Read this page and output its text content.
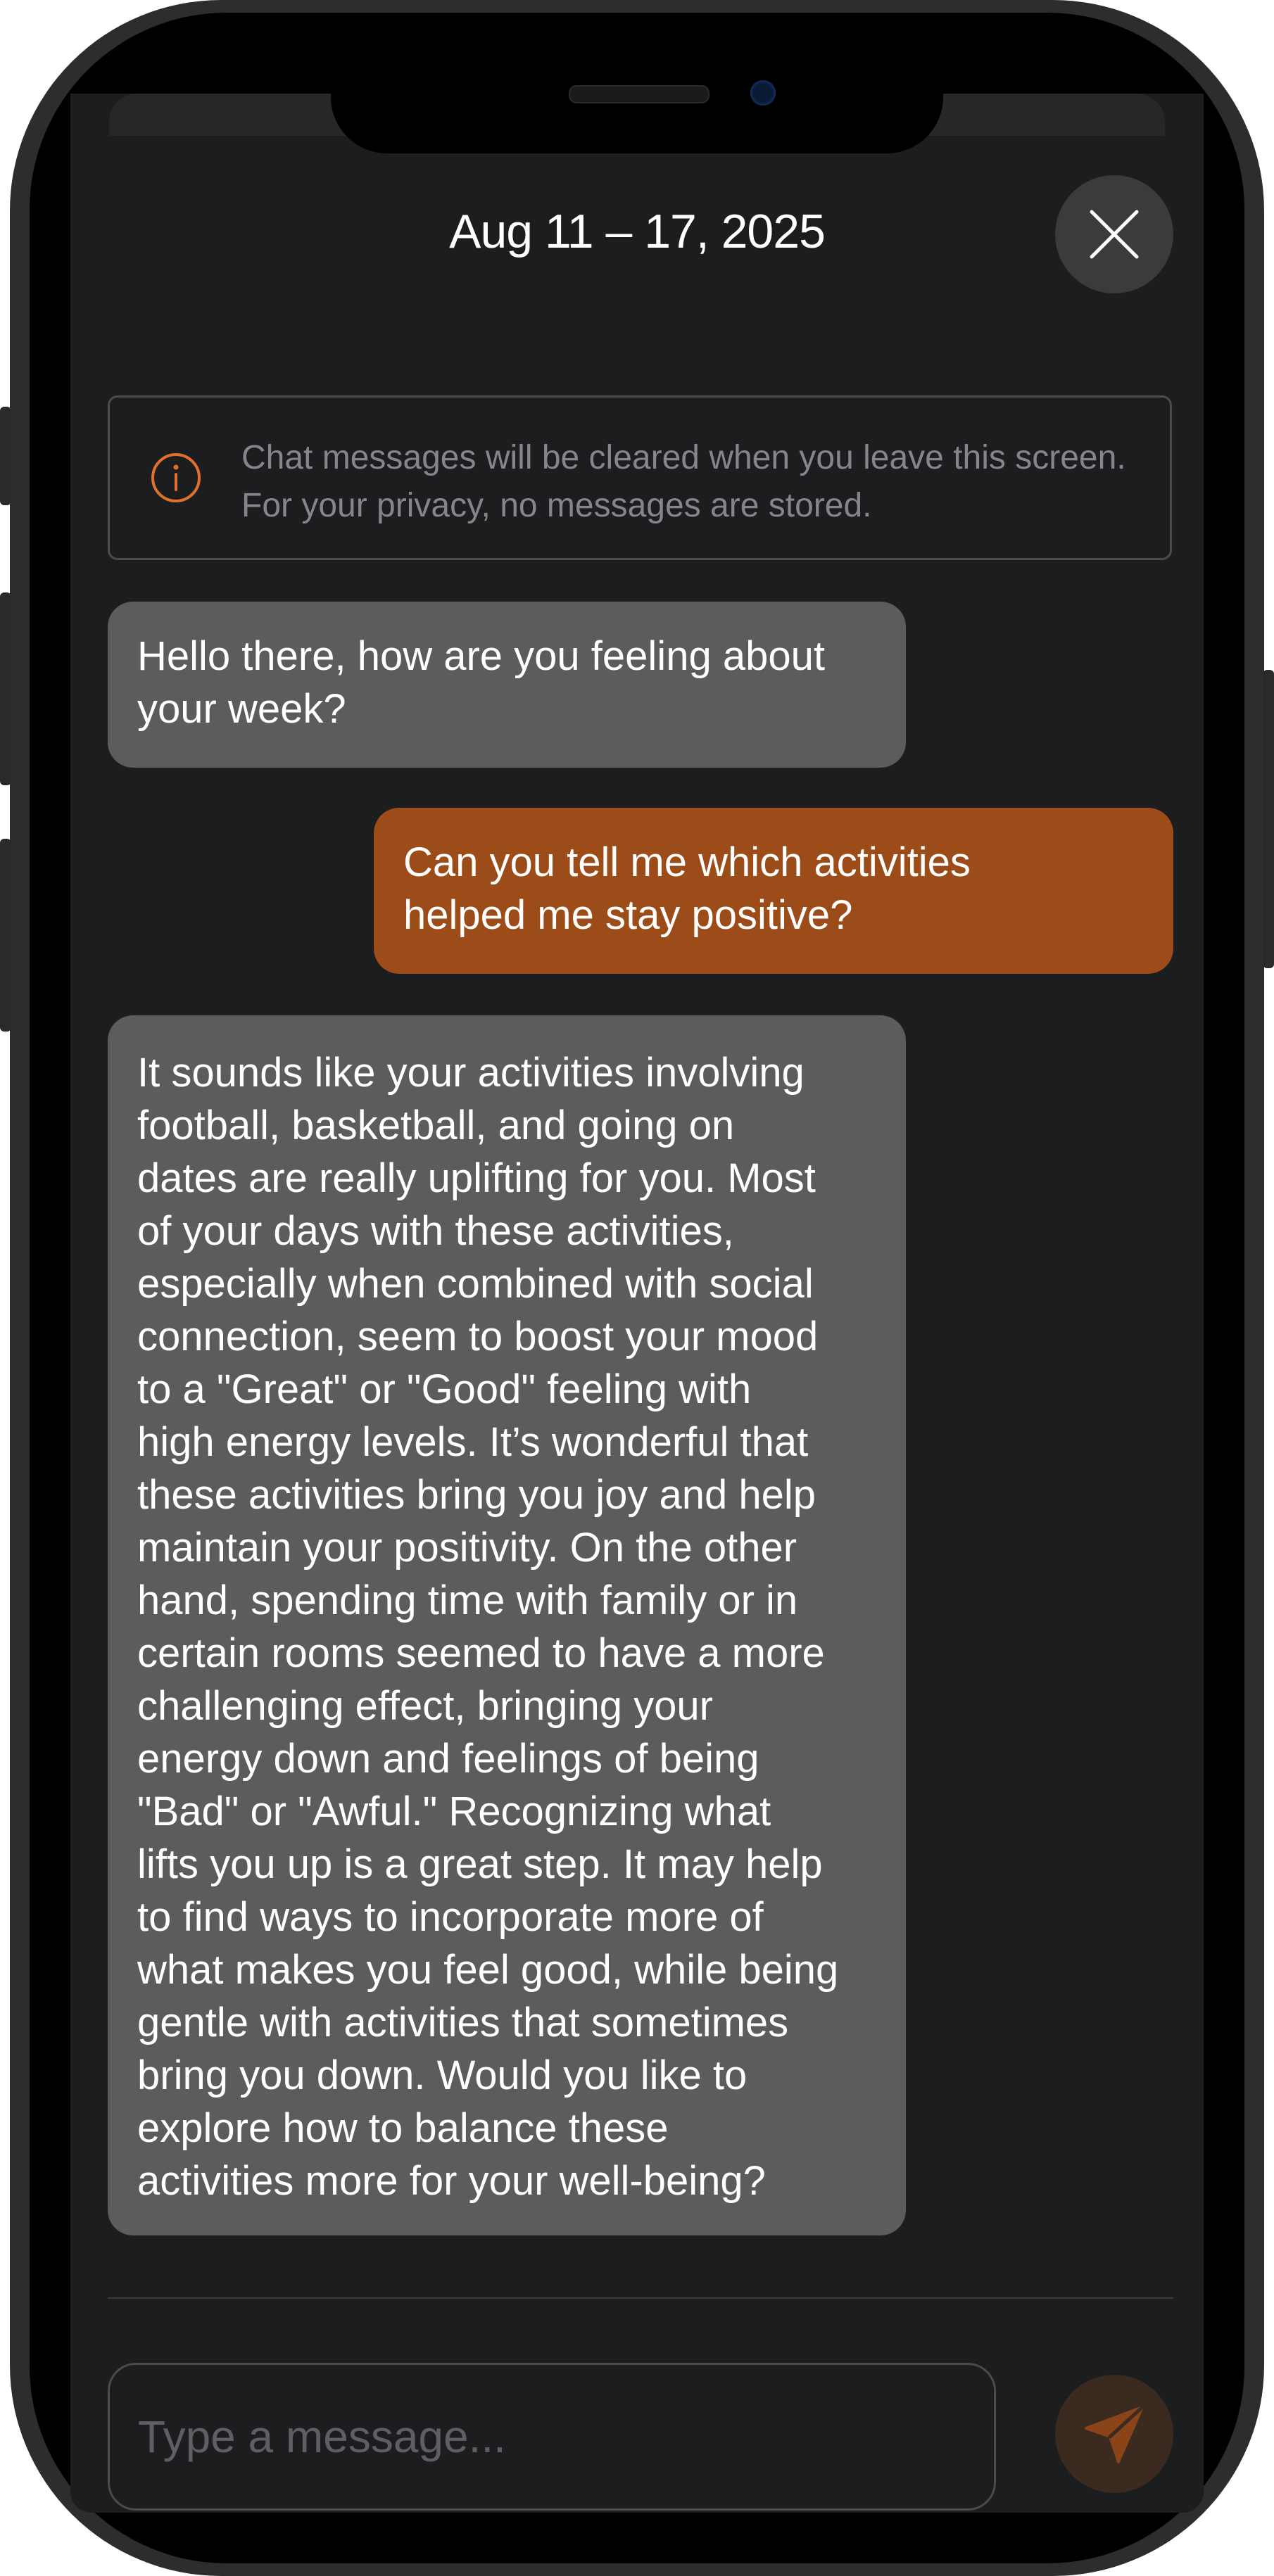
Aug 11 – 17, 2025
Chat messages will be cleared when you leave this screen. For your privacy, no messages are stored.

Hello there, how are you feeling about
your week?

Can you tell me which activities
helped me stay positive?

It sounds like your activities involving
football, basketball, and going on
dates are really uplifting for you. Most
of your days with these activities,
especially when combined with social
connection, seem to boost your mood
to a "Great" or "Good" feeling with
high energy levels. It’s wonderful that
these activities bring you joy and help
maintain your positivity. On the other
hand, spending time with family or in
certain rooms seemed to have a more
challenging effect, bringing your
energy down and feelings of being
"Bad" or "Awful." Recognizing what
lifts you up is a great step. It may help
to find ways to incorporate more of
what makes you feel good, while being
gentle with activities that sometimes
bring you down. Would you like to
explore how to balance these
activities more for your well-being?

Type a message...
